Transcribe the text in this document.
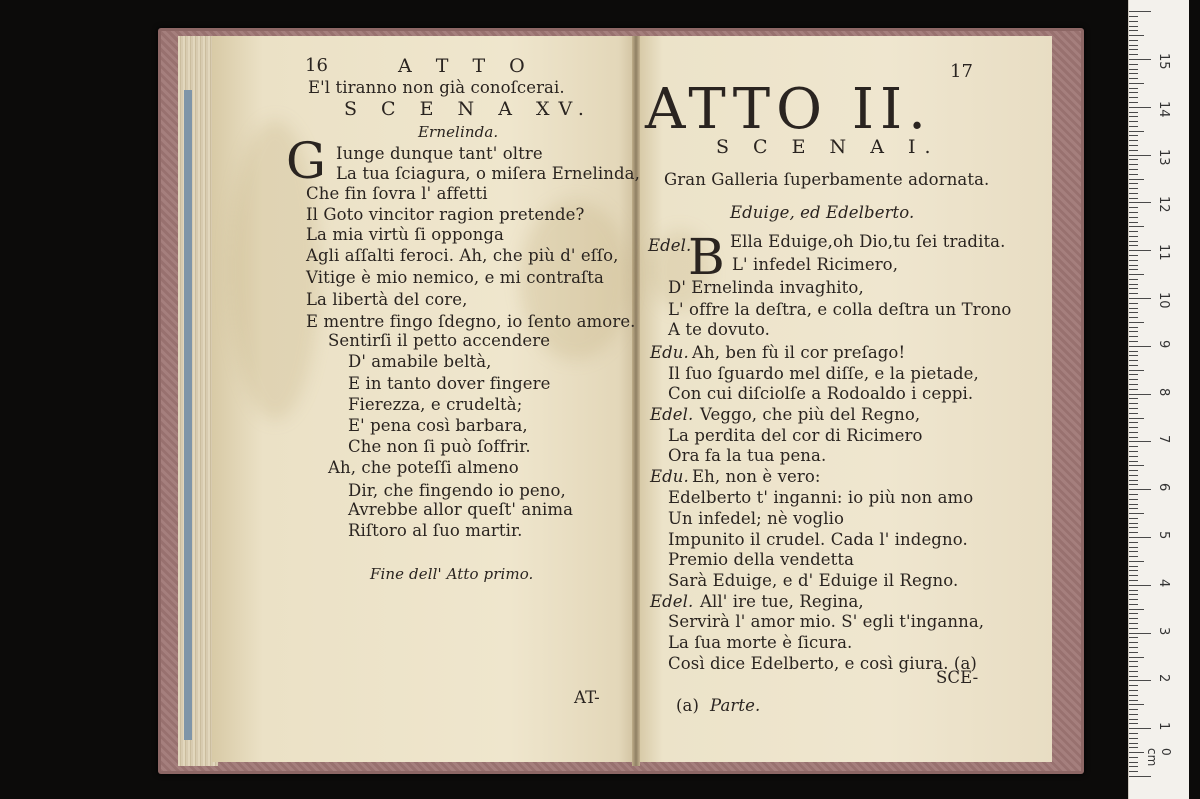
16	A T T O
E'l tiranno non già conoſcerai.
S C E N A XV.
Ernelinda.
G Iunge dunque tant' oltre
La tua ſciagura, o miſera Ernelinda,
Che fin ſovra l' affetti
Il Goto vincitor ragion pretende?
La mia virtù ſi opponga
Agli aſſalti feroci. Ah, che più d' eſſo,
Vitige è mio nemico, e mi contraſta
La libertà del core,
E mentre fingo ſdegno, io ſento amore.
Sentirſi il petto accendere
D' amabile beltà,
E in tanto dover fingere
Fierezza, e crudeltà;
E' pena così barbara,
Che non ſi può ſoffrir.
Ah, che poteſſi almeno
Dir, che fingendo io peno,
Avrebbe allor queſt' anima
Riſtoro al ſuo martir.
Fine dell' Atto primo.
AT-
17
ATTO II.
S C E N A I.
Gran Galleria ſuperbamente adornata.
Eduige, ed Edelberto.
Edel.
B Ella Eduige,oh Dio,tu ſei tradita.
L' infedel Ricimero,
D' Ernelinda invaghito,
L' offre la deſtra, e colla deſtra un Trono
A te dovuto.
Edu. Ah, ben fù il cor preſago!
Il ſuo ſguardo mel diſſe, e la pietade,
Con cui diſciolſe a Rodoaldo i ceppi.
Edel. Veggo, che più del Regno,
La perdita del cor di Ricimero
Ora fa la tua pena.
Edu. Eh, non è vero:
Edelberto t' inganni: io più non amo
Un infedel; nè voglio
Impunito il crudel. Cada l' indegno.
Premio della vendetta
Sarà Eduige, e d' Eduige il Regno.
Edel. All' ire tue, Regina,
Servirà l' amor mio. S' egli t'inganna,
La ſua morte è ſicura.
Così dice Edelberto, e così giura. (a)
SCE-
(a) Parte.
0 cm
1
2
3
4
5
6
7
8
9
10
11
12
13
14
15
